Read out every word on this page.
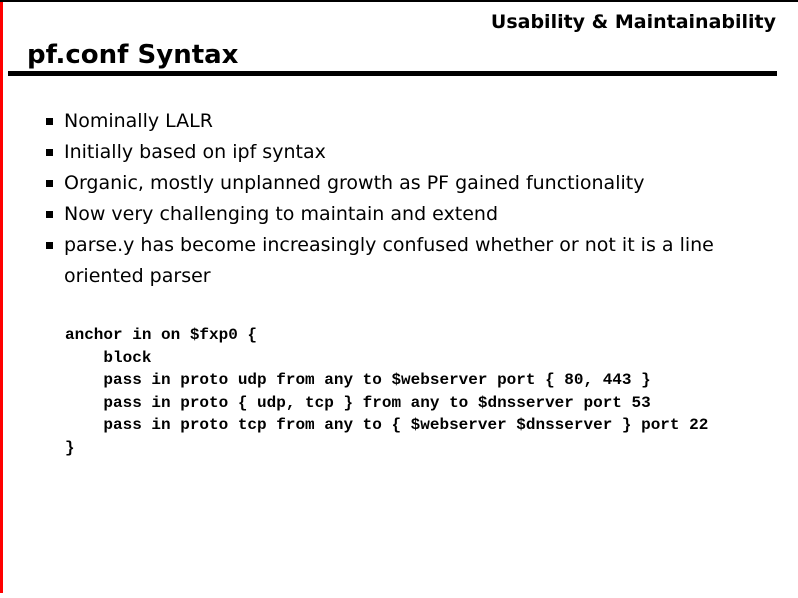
Usability & Maintainability
pf.conf Syntax
Nominally LALR
Initially based on ipf syntax
Organic, mostly unplanned growth as PF gained functionality
Now very challenging to maintain and extend
parse.y has become increasingly confused whether or not it is a line oriented parser
anchor in on $fxp0 {
block
pass in proto udp from any to $webserver port { 80, 443 }
pass in proto { udp, tcp } from any to $dnsserver port 53
pass in proto tcp from any to { $webserver $dnsserver } port 22
}
